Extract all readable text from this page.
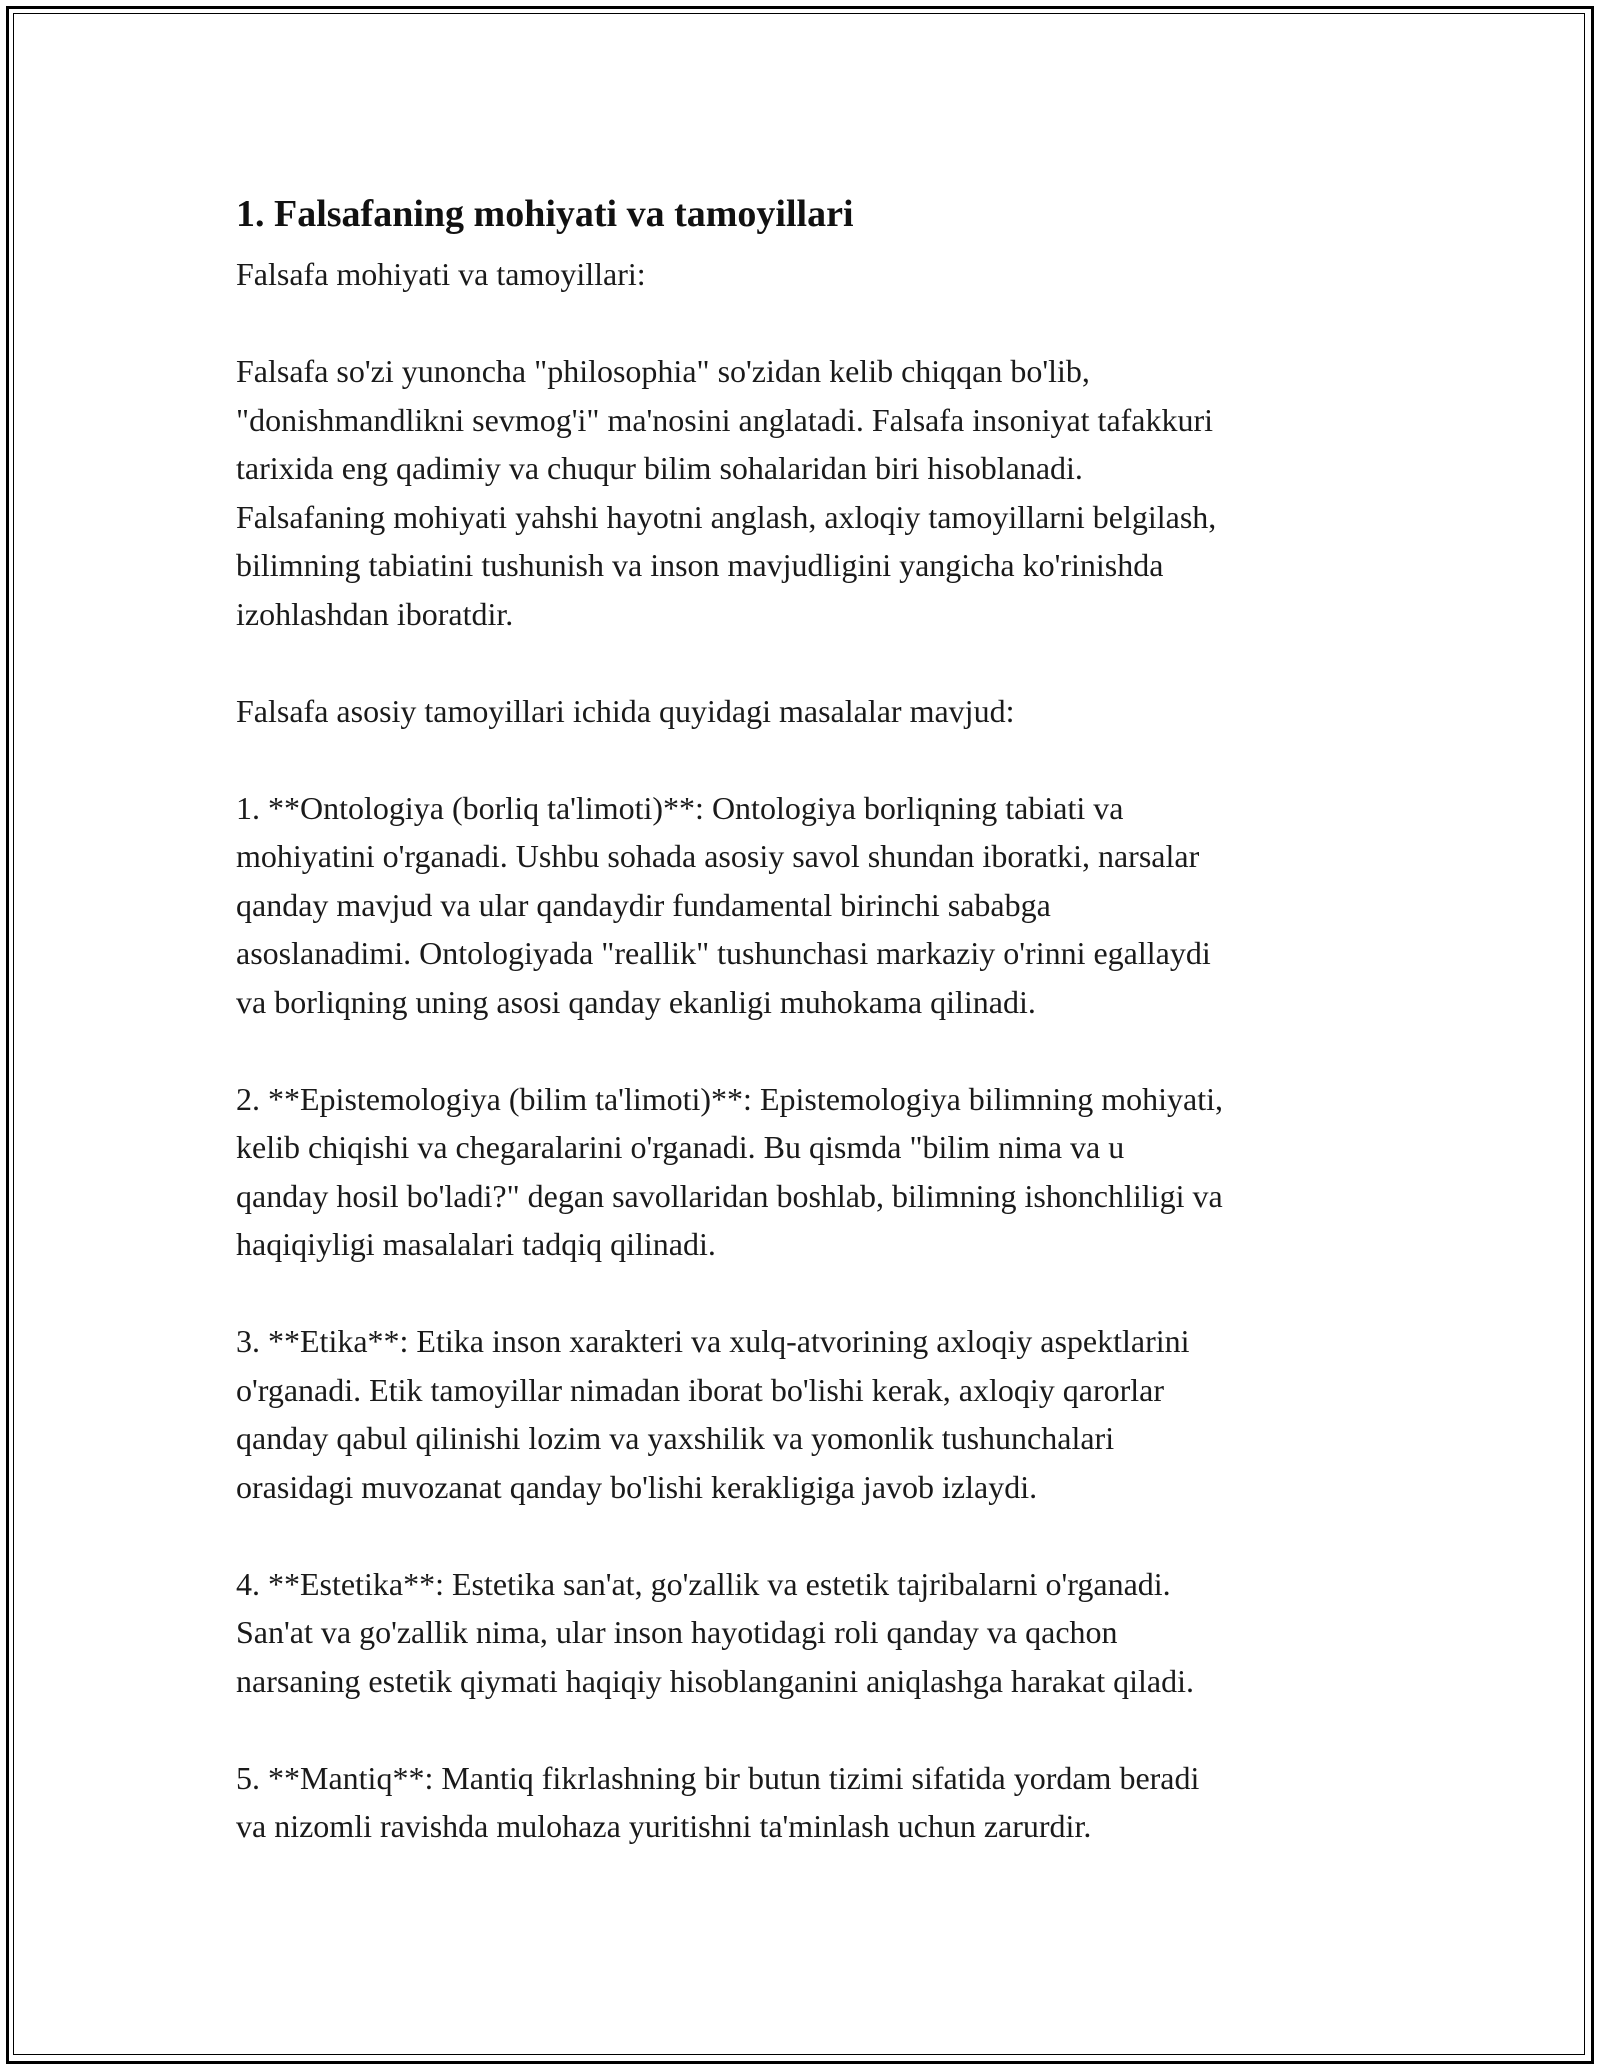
1. Falsafaning mohiyati va tamoyillari

Falsafa mohiyati va tamoyillari:

Falsafa so'zi yunoncha "philosophia" so'zidan kelib chiqqan bo'lib,
"donishmandlikni sevmog'i" ma'nosini anglatadi. Falsafa insoniyat tafakkuri
tarixida eng qadimiy va chuqur bilim sohalaridan biri hisoblanadi.
Falsafaning mohiyati yahshi hayotni anglash, axloqiy tamoyillarni belgilash,
bilimning tabiatini tushunish va inson mavjudligini yangicha ko'rinishda
izohlashdan iboratdir.

Falsafa asosiy tamoyillari ichida quyidagi masalalar mavjud:

1. **Ontologiya (borliq ta'limoti)**: Ontologiya borliqning tabiati va
mohiyatini o'rganadi. Ushbu sohada asosiy savol shundan iboratki, narsalar
qanday mavjud va ular qandaydir fundamental birinchi sababga
asoslanadimi. Ontologiyada "reallik" tushunchasi markaziy o'rinni egallaydi
va borliqning uning asosi qanday ekanligi muhokama qilinadi.

2. **Epistemologiya (bilim ta'limoti)**: Epistemologiya bilimning mohiyati,
kelib chiqishi va chegaralarini o'rganadi. Bu qismda "bilim nima va u
qanday hosil bo'ladi?" degan savollaridan boshlab, bilimning ishonchliligi va
haqiqiyligi masalalari tadqiq qilinadi.

3. **Etika**: Etika inson xarakteri va xulq-atvorining axloqiy aspektlarini
o'rganadi. Etik tamoyillar nimadan iborat bo'lishi kerak, axloqiy qarorlar
qanday qabul qilinishi lozim va yaxshilik va yomonlik tushunchalari
orasidagi muvozanat qanday bo'lishi kerakligiga javob izlaydi.

4. **Estetika**: Estetika san'at, go'zallik va estetik tajribalarni o'rganadi.
San'at va go'zallik nima, ular inson hayotidagi roli qanday va qachon
narsaning estetik qiymati haqiqiy hisoblanganini aniqlashga harakat qiladi.

5. **Mantiq**: Mantiq fikrlashning bir butun tizimi sifatida yordam beradi
va nizomli ravishda mulohaza yuritishni ta'minlash uchun zarurdir.
